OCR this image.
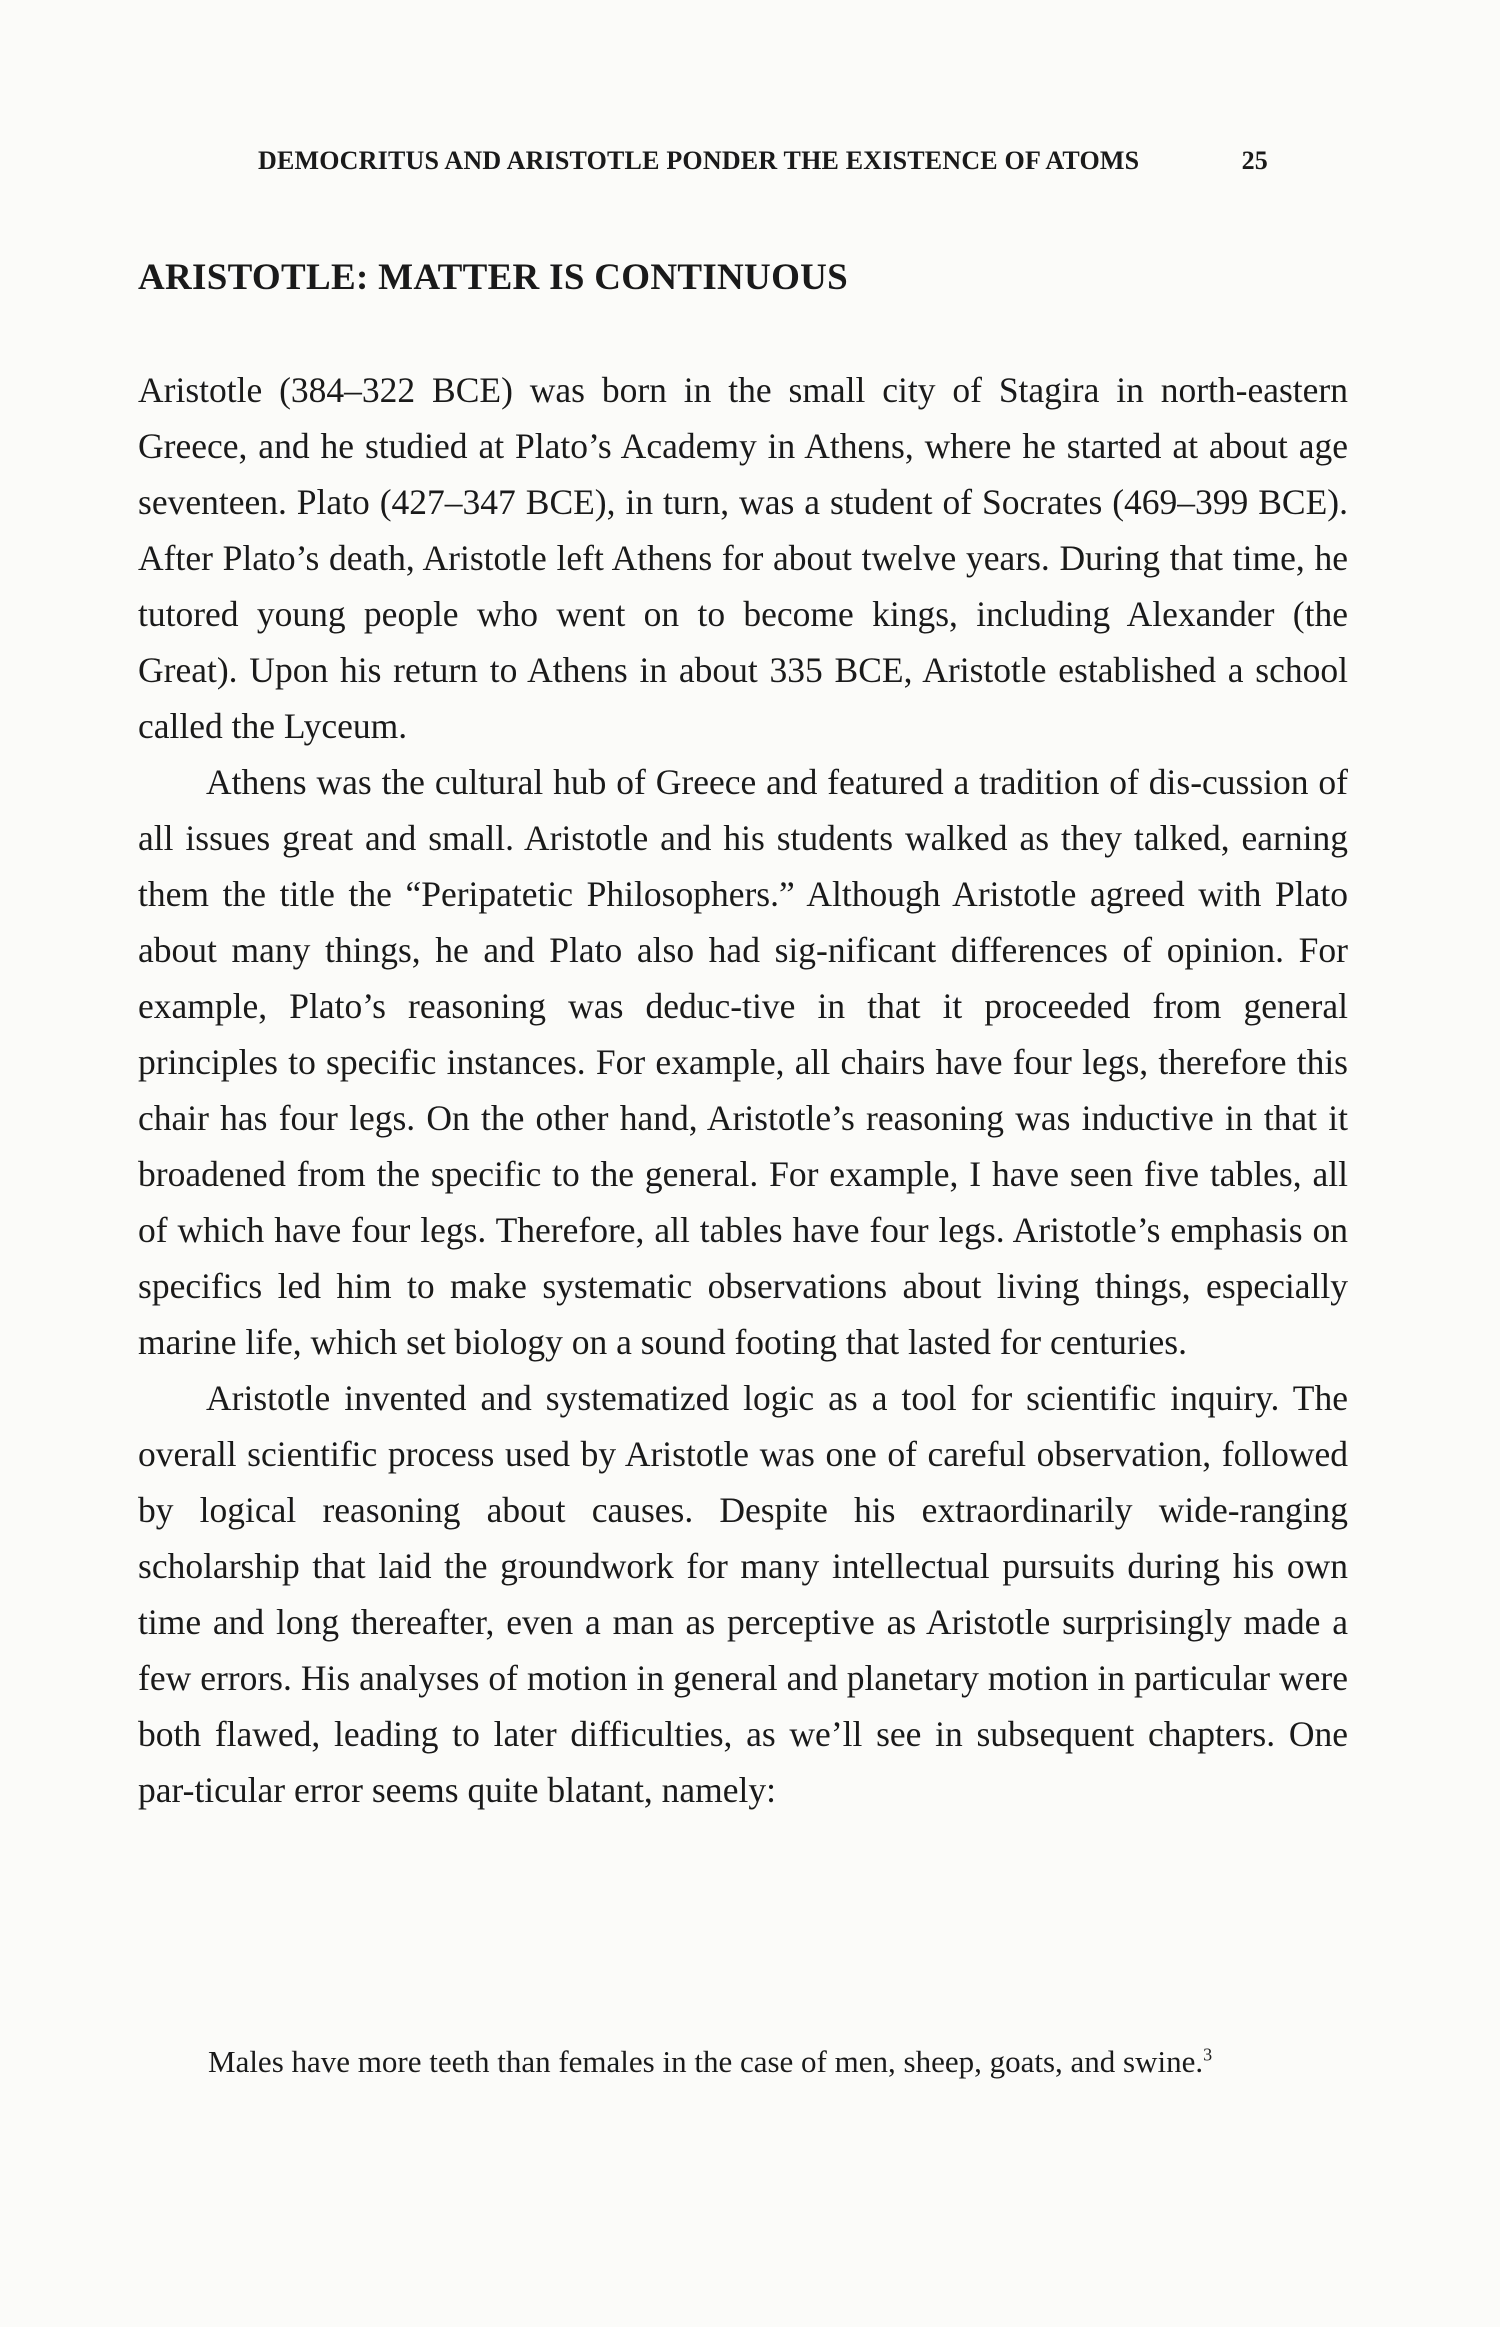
DEMOCRITUS AND ARISTOTLE PONDER THE EXISTENCE OF ATOMS	25
ARISTOTLE: MATTER IS CONTINUOUS

Aristotle (384–322 BCE) was born in the small city of Stagira in north-eastern Greece, and he studied at Plato’s Academy in Athens, where he started at about age seventeen. Plato (427–347 BCE), in turn, was a student of Socrates (469–399 BCE). After Plato’s death, Aristotle left Athens for about twelve years. During that time, he tutored young people who went on to become kings, including Alexander (the Great). Upon his return to Athens in about 335 BCE, Aristotle established a school called the Lyceum.

Athens was the cultural hub of Greece and featured a tradition of dis-cussion of all issues great and small. Aristotle and his students walked as they talked, earning them the title the “Peripatetic Philosophers.” Although Aristotle agreed with Plato about many things, he and Plato also had sig-nificant differences of opinion. For example, Plato’s reasoning was deduc-tive in that it proceeded from general principles to specific instances. For example, all chairs have four legs, therefore this chair has four legs. On the other hand, Aristotle’s reasoning was inductive in that it broadened from the specific to the general. For example, I have seen five tables, all of which have four legs. Therefore, all tables have four legs. Aristotle’s emphasis on specifics led him to make systematic observations about living things, especially marine life, which set biology on a sound footing that lasted for centuries.

Aristotle invented and systematized logic as a tool for scientific inquiry. The overall scientific process used by Aristotle was one of careful observation, followed by logical reasoning about causes. Despite his extraordinarily wide-ranging scholarship that laid the groundwork for many intellectual pursuits during his own time and long thereafter, even a man as perceptive as Aristotle surprisingly made a few errors. His analyses of motion in general and planetary motion in particular were both flawed, leading to later difficulties, as we’ll see in subsequent chapters. One par-ticular error seems quite blatant, namely:

Males have more teeth than females in the case of men, sheep, goats, and swine.$^3$
